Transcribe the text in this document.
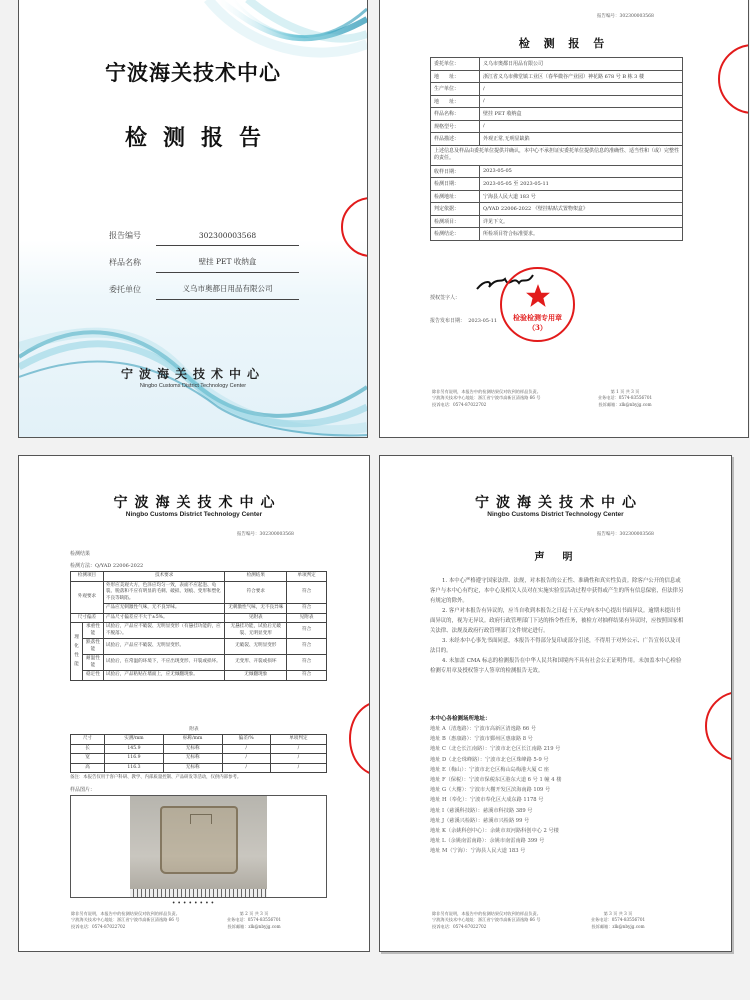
宁波海关技术中心
检测报告
报告编号	302300003568
样品名称	壁挂 PET 收纳盒
委托单位	义乌市奥都日用品有限公司
宁波海关技术中心
Ningbo Customs District Technology Center
报告编号：302300003568
检 测 报 告
委托单位：	义乌市奥都日用品有限公司
地　　址：	浙江省义乌市佛堂镇工业区（春华微谷产业园）神花路 678 号 B 栋 3 楼
生产单位：	/
地　　址：	/
样品名称：	壁挂 PET 收纳盒
规格型号：	/
样品描述：	外观正常,无明显缺陷
上述信息及样品由委托单位提供并确认，本中心不承担证实委托单位提供信息的准确性、适当性和（或）完整性的责任。	
收样日期：	2023-05-05
检测日期：	2023-05-05 至 2023-05-11
检测地址：	宁海县人民大道 183 号
判定依据：	Q/YAD 22006-2022 《壁挂粘贴式置物架盒》
检测项目：	详见下文。
检测结论：	所检项目符合标准要求。
授权签字人：
报告发布日期： 2023-05-11	检验检测专用章
（3）
除非另有说明，本报告中的检测结果仅对收到的样品负责。
宁波海关技术中心地址：浙江省宁波市高新区清逸路 66 号
投诉电话：0574-87022702
第 1 页 共 3 页
业务电话：0574-83556701
投诉邮箱：zlk@nbyjg.com
宁波海关技术中心
Ningbo Customs District Technology Center
报告编号：302300003568
检测结果
检测方法：Q/YAD 22006-2022
检测项目		技术要求	检测结果	单项判定
外观要求		外形应美观大方，色泽应均匀一致，表面不应起泡、龟裂、脱落和不应有明显的毛刺、破损、划痕、变形和塑化不良等缺陷。	符合要求	符合
		产品应无刺激性气味，无不良异味。	无刺激性气味，无不良异味	符合
尺寸偏差		产品尺寸偏差应不大于±5%。	见附表	见附表
理化性能	承重性能	试验后，产品应不破裂、无明显变形（有悬挂功能的，应不脱落）。	无悬挂功能，试验后无破裂、无明显变形	符合
	跌落性能	试验后，产品应不破裂、无明显变形。	无破裂、无明显变形	符合
	耐温性能	试验后，在常温的环境下，不应出现变形、开裂或损坏。	无变形、开裂或损坏	符合
	稳定性	试验后，产品粘贴在墙面上，应无倾翻现象。	无倾翻现象	符合
附表
尺寸	实测/mm	标称/mm	偏差/%	单项判定
长	145.9	无标称	/	/
宽	116.9	无标称	/	/
高	116.3	无标称	/	/
备注：本报告仅用于客户科研、教学、内部质量控制、产品研发等活动，仅供内部参考。
样品图片：
••••••••
除非另有说明，本报告中的检测结果仅对收到的样品负责。
宁波海关技术中心地址：浙江省宁波市高新区清逸路 66 号
投诉电话：0574-87022702
第 2 页 共 3 页
业务电话：0574-83556701
投诉邮箱：zlk@nbyjg.com
宁波海关技术中心
Ningbo Customs District Technology Center
报告编号：302300003568
声　明

1. 本中心严格遵守国家法律、法规，对本报告的公正性、准确性和真实性负责。除客户公开的信息或客户与本中心有约定，本中心及相关人员对在实施实验室活动过程中获得或产生的所有信息保密，但法律另有规定的除外。

2. 客户对本报告有异议的，应当自收到本报告之日起十五天内向本中心提出书面异议。逾期未提出书面异议的，视为无异议。政府行政管理部门下达的指令性任务，被检方对抽样结果有异议时，应按照国家相关法律、法规及政府行政管理部门文件规定进行。

3. 未经本中心事先书面同意，本报告不得部分复印或部分引述，不得用于对外公示、广告宣传以及司法目的。

4. 未加盖 CMA 标志的检测报告在中华人民共和国境内不具有社会公正证明作用。未加盖本中心检验检测专用章及授权签字人签章的检测报告无效。

本中心各检测场所地址：
地址 A（清逸路）：宁波市高新区清逸路 66 号
地址 B（惠康路）：宁波市鄞州区惠康路 8 号
地址 C（北仑长江南路）：宁波市北仑区长江南路 219 号
地址 D（北仑珠峰路）：宁波市北仑区珠峰路 5-9 号
地址 E（梅山）：宁波市北仑区梅山岛梅港大厦 C 座
地址 F（保税）：宁波市保税东区港东大道 6 号 1 幢 4 楼
地址 G（大榭）：宁波市大榭开发区滨海南路 109 号
地址 H（奉化）：宁波市奉化区大成东路 1178 号
地址 I（慈溪科技路）：慈溪市科技路 389 号
地址 J（慈溪兴检路）：慈溪市兴检路 99 号
地址 K（余姚科创中心）：余姚市双河路科创中心 2 号楼
地址 L（余姚南雷南路）：余姚市南雷南路 399 号
地址 M（宁海）：宁海县人民大道 183 号
除非另有说明，本报告中的检测结果仅对收到的样品负责。
宁波海关技术中心地址：浙江省宁波市高新区清逸路 66 号
投诉电话：0574-87022702
第 3 页 共 3 页
业务电话：0574-83556701
投诉邮箱：zlk@nbyjg.com
